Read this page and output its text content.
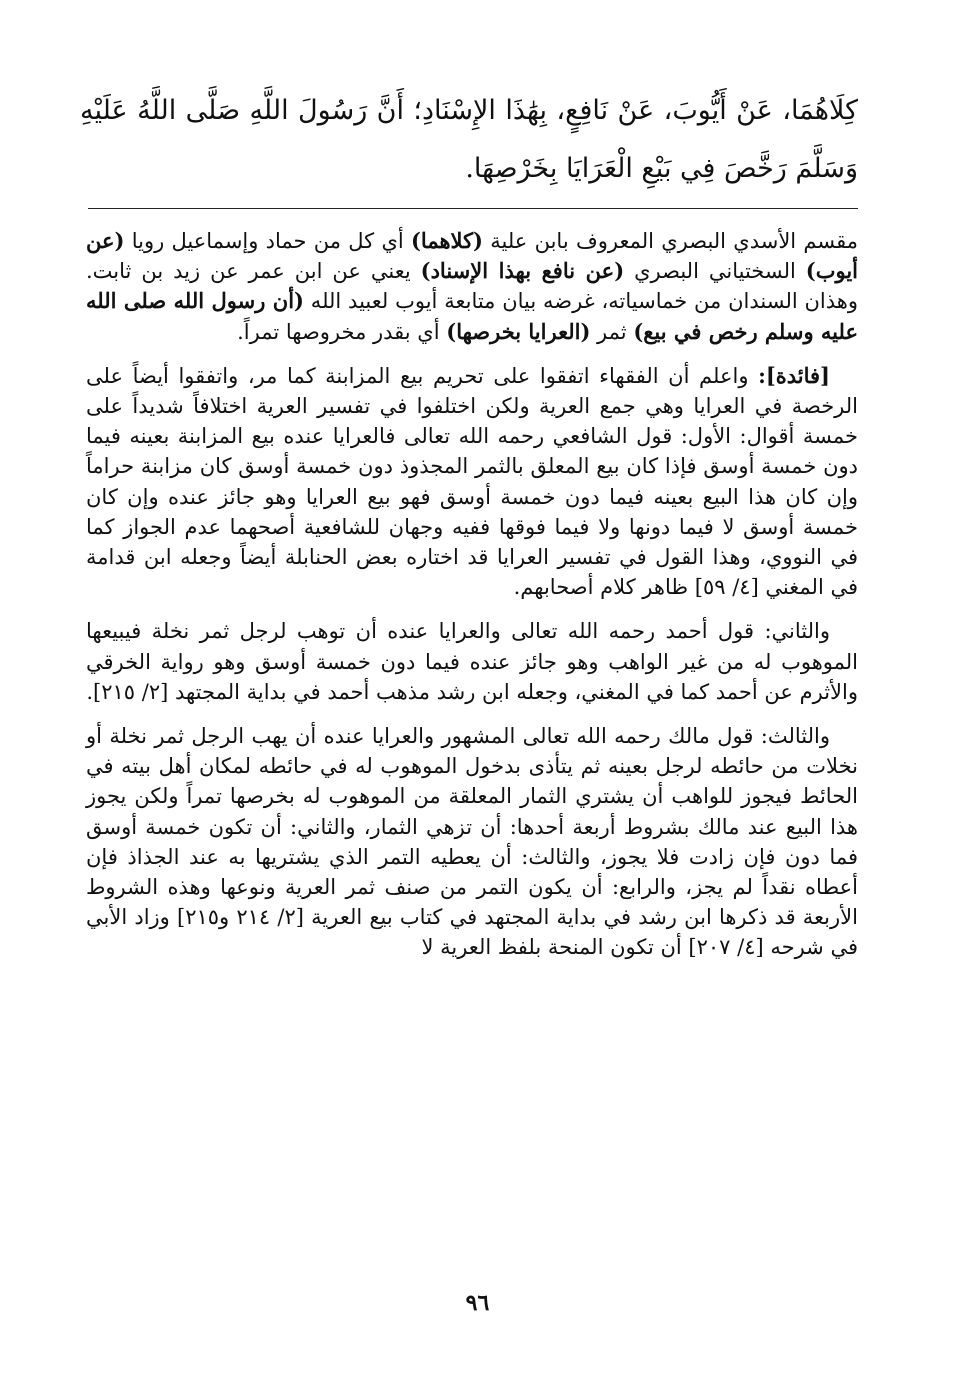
كِلَاهُمَا، عَنْ أَيُّوبَ، عَنْ نَافِعٍ، بِهَٰذَا الإِسْنَادِ؛ أَنَّ رَسُولَ اللَّهِ صَلَّى اللَّهُ عَلَيْهِ وَسَلَّمَ رَخَّصَ فِي بَيْعِ الْعَرَايَا بِخَرْصِهَا.

مقسم الأسدي البصري المعروف بابن علية (كلاهما) أي كل من حماد وإسماعيل رويا (عن أيوب) السختياني البصري (عن نافع بهذا الإسناد) يعني عن ابن عمر عن زيد بن ثابت. وهذان السندان من خماسياته، غرضه بيان متابعة أيوب لعبيد الله (أن رسول الله صلى الله عليه وسلم رخص في بيع) ثمر (العرايا بخرصها) أي بقدر مخروصها تمراً.

[فائدة]: واعلم أن الفقهاء اتفقوا على تحريم بيع المزابنة كما مر، واتفقوا أيضاً على الرخصة في العرايا وهي جمع العرية ولكن اختلفوا في تفسير العرية اختلافاً شديداً على خمسة أقوال: الأول: قول الشافعي رحمه الله تعالى فالعرايا عنده بيع المزابنة بعينه فيما دون خمسة أوسق فإذا كان بيع المعلق بالثمر المجذوذ دون خمسة أوسق كان مزابنة حراماً وإن كان هذا البيع بعينه فيما دون خمسة أوسق فهو بيع العرايا وهو جائز عنده وإن كان خمسة أوسق لا فيما دونها ولا فيما فوقها ففيه وجهان للشافعية أصحهما عدم الجواز كما في النووي، وهذا القول في تفسير العرايا قد اختاره بعض الحنابلة أيضاً وجعله ابن قدامة في المغني [٤/ ٥٩] ظاهر كلام أصحابهم.

والثاني: قول أحمد رحمه الله تعالى والعرايا عنده أن توهب لرجل ثمر نخلة فيبيعها الموهوب له من غير الواهب وهو جائز عنده فيما دون خمسة أوسق وهو رواية الخرقي والأثرم عن أحمد كما في المغني، وجعله ابن رشد مذهب أحمد في بداية المجتهد [٢/ ٢١٥].

والثالث: قول مالك رحمه الله تعالى المشهور والعرايا عنده أن يهب الرجل ثمر نخلة أو نخلات من حائطه لرجل بعينه ثم يتأذى بدخول الموهوب له في حائطه لمكان أهل بيته في الحائط فيجوز للواهب أن يشتري الثمار المعلقة من الموهوب له بخرصها تمراً ولكن يجوز هذا البيع عند مالك بشروط أربعة أحدها: أن تزهي الثمار، والثاني: أن تكون خمسة أوسق فما دون فإن زادت فلا يجوز، والثالث: أن يعطيه التمر الذي يشتريها به عند الجذاذ فإن أعطاه نقداً لم يجز، والرابع: أن يكون التمر من صنف ثمر العرية ونوعها وهذه الشروط الأربعة قد ذكرها ابن رشد في بداية المجتهد في كتاب بيع العرية [٢/ ٢١٤ و٢١٥] وزاد الأبي في شرحه [٤/ ٢٠٧] أن تكون المنحة بلفظ العرية لا

٩٦
